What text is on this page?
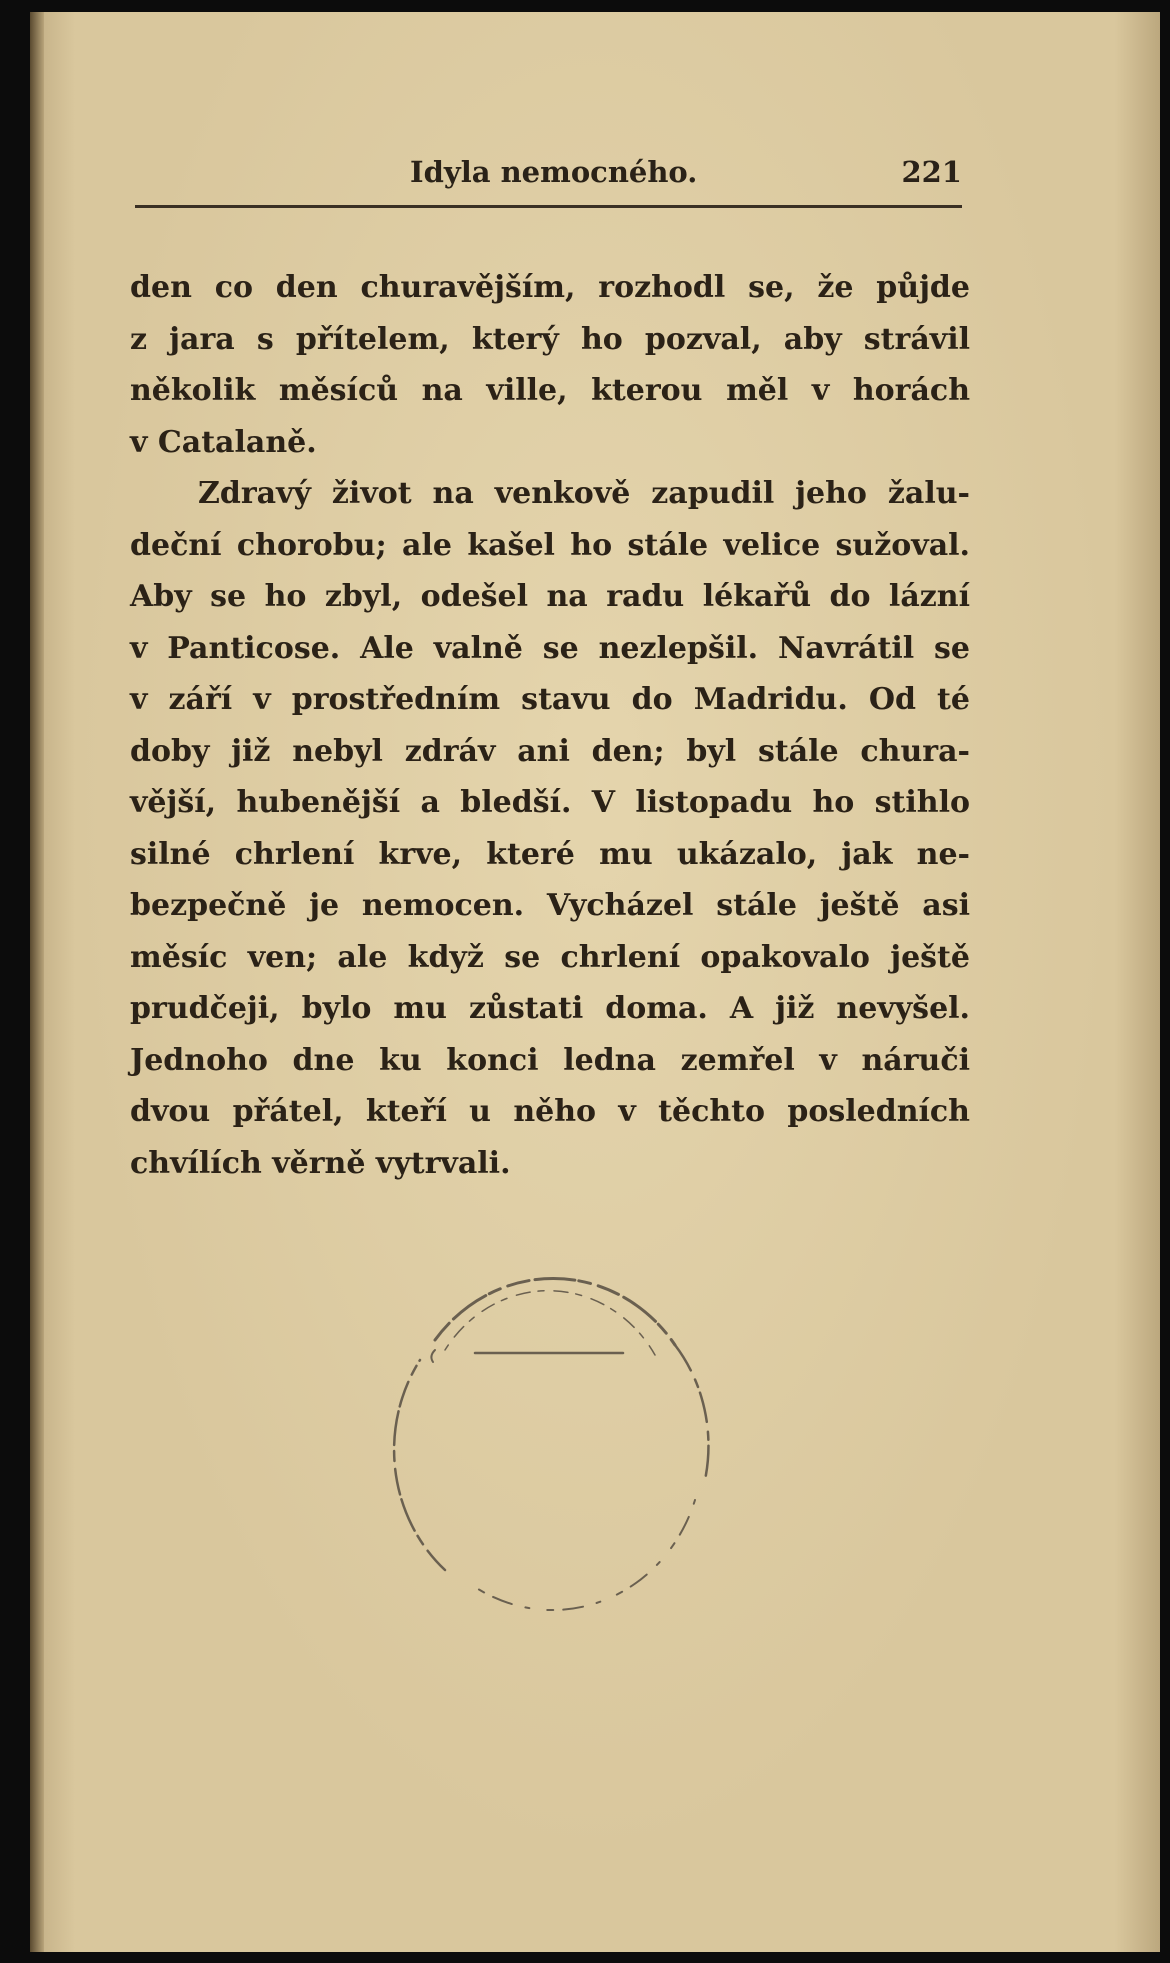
Idyla nemocného.	221
den co den churavějším, rozhodl se, že půjde
z jara s přítelem, který ho pozval, aby strávil
několik měsíců na ville, kterou měl v horách
v Catalaně.
Zdravý život na venkově zapudil jeho žalu-
deční chorobu; ale kašel ho stále velice sužoval.
Aby se ho zbyl, odešel na radu lékařů do lázní
v Panticose. Ale valně se nezlepšil. Navrátil se
v září v prostředním stavu do Madridu. Od té
doby již nebyl zdráv ani den; byl stále chura-
vější, hubenější a bledší. V listopadu ho stihlo
silné chrlení krve, které mu ukázalo, jak ne-
bezpečně je nemocen. Vycházel stále ještě asi
měsíc ven; ale když se chrlení opakovalo ještě
prudčeji, bylo mu zůstati doma. A již nevyšel.
Jednoho dne ku konci ledna zemřel v náruči
dvou přátel, kteří u něho v těchto posledních
chvílích věrně vytrvali.
